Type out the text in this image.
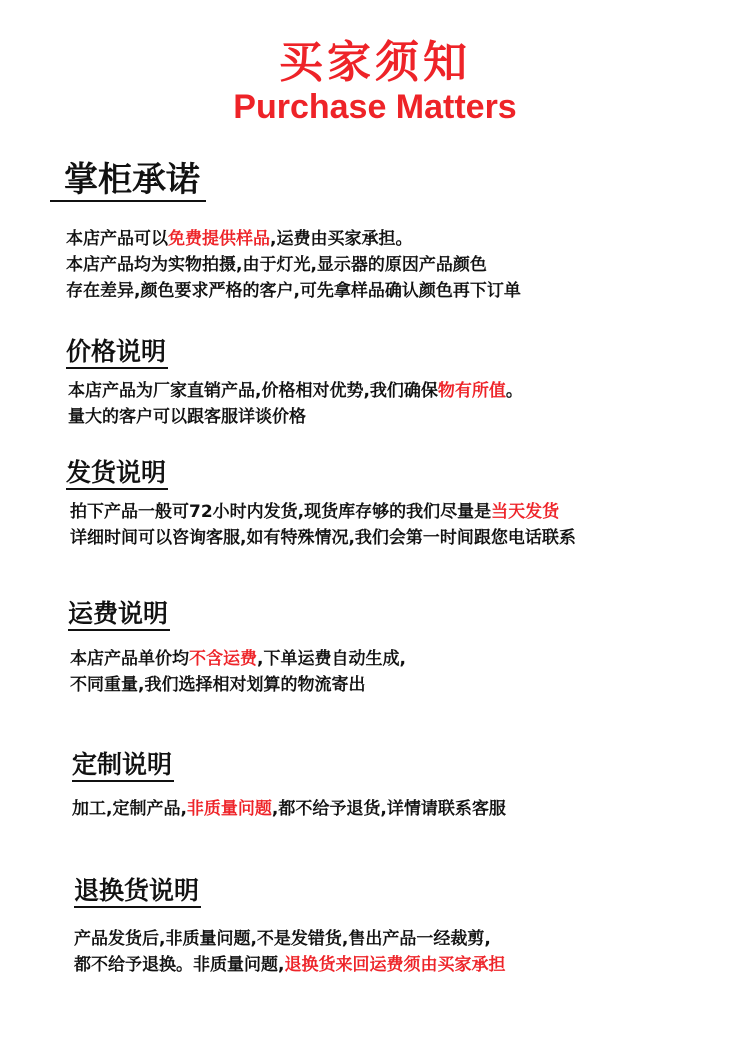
买家须知
Purchase Matters
掌柜承诺
本店产品可以免费提供样品,运费由买家承担。
本店产品均为实物拍摄,由于灯光,显示器的原因产品颜色
存在差异,颜色要求严格的客户,可先拿样品确认颜色再下订单
价格说明
本店产品为厂家直销产品,价格相对优势,我们确保物有所值。
量大的客户可以跟客服详谈价格
发货说明
拍下产品一般可72小时内发货,现货库存够的我们尽量是当天发货
详细时间可以咨询客服,如有特殊情况,我们会第一时间跟您电话联系
运费说明
本店产品单价均不含运费,下单运费自动生成,
不同重量,我们选择相对划算的物流寄出
定制说明
加工,定制产品,非质量问题,都不给予退货,详情请联系客服
退换货说明
产品发货后,非质量问题,不是发错货,售出产品一经裁剪,
都不给予退换。非质量问题,退换货来回运费须由买家承担
